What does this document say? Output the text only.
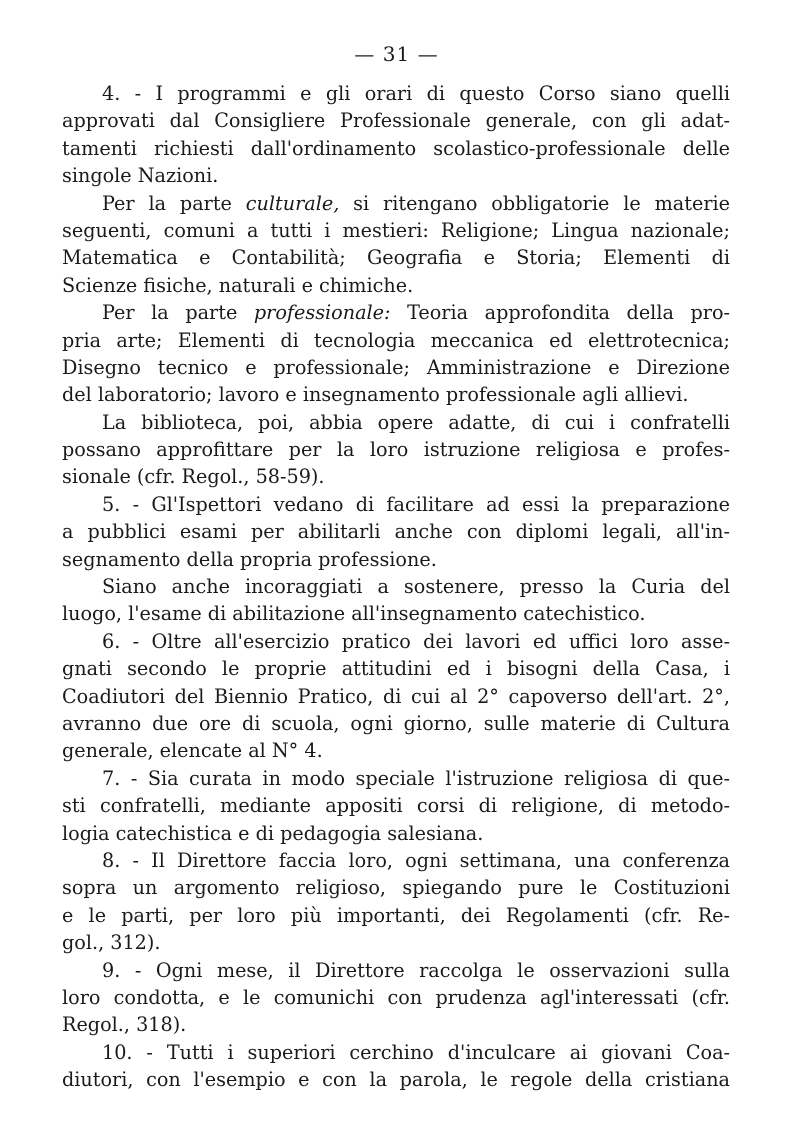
— 31 —
4. - I programmi e gli orari di questo Corso siano quelli
approvati dal Consigliere Professionale generale, con gli adat-
tamenti richiesti dall'ordinamento scolastico-professionale delle
singole Nazioni.
Per la parte culturale, si ritengano obbligatorie le materie
seguenti, comuni a tutti i mestieri: Religione; Lingua nazionale;
Matematica e Contabilità; Geografia e Storia; Elementi di
Scienze fisiche, naturali e chimiche.
Per la parte professionale: Teoria approfondita della pro-
pria arte; Elementi di tecnologia meccanica ed elettrotecnica;
Disegno tecnico e professionale; Amministrazione e Direzione
del laboratorio; lavoro e insegnamento professionale agli allievi.
La biblioteca, poi, abbia opere adatte, di cui i confratelli
possano approfittare per la loro istruzione religiosa e profes-
sionale (cfr. Regol., 58-59).
5. - Gl'Ispettori vedano di facilitare ad essi la preparazione
a pubblici esami per abilitarli anche con diplomi legali, all'in-
segnamento della propria professione.
Siano anche incoraggiati a sostenere, presso la Curia del
luogo, l'esame di abilitazione all'insegnamento catechistico.
6. - Oltre all'esercizio pratico dei lavori ed uffici loro asse-
gnati secondo le proprie attitudini ed i bisogni della Casa, i
Coadiutori del Biennio Pratico, di cui al 2° capoverso dell'art. 2°,
avranno due ore di scuola, ogni giorno, sulle materie di Cultura
generale, elencate al N° 4.
7. - Sia curata in modo speciale l'istruzione religiosa di que-
sti confratelli, mediante appositi corsi di religione, di metodo-
logia catechistica e di pedagogia salesiana.
8. - Il Direttore faccia loro, ogni settimana, una conferenza
sopra un argomento religioso, spiegando pure le Costituzioni
e le parti, per loro più importanti, dei Regolamenti (cfr. Re-
gol., 312).
9. - Ogni mese, il Direttore raccolga le osservazioni sulla
loro condotta, e le comunichi con prudenza agl'interessati (cfr.
Regol., 318).
10. - Tutti i superiori cerchino d'inculcare ai giovani Coa-
diutori, con l'esempio e con la parola, le regole della cristiana
